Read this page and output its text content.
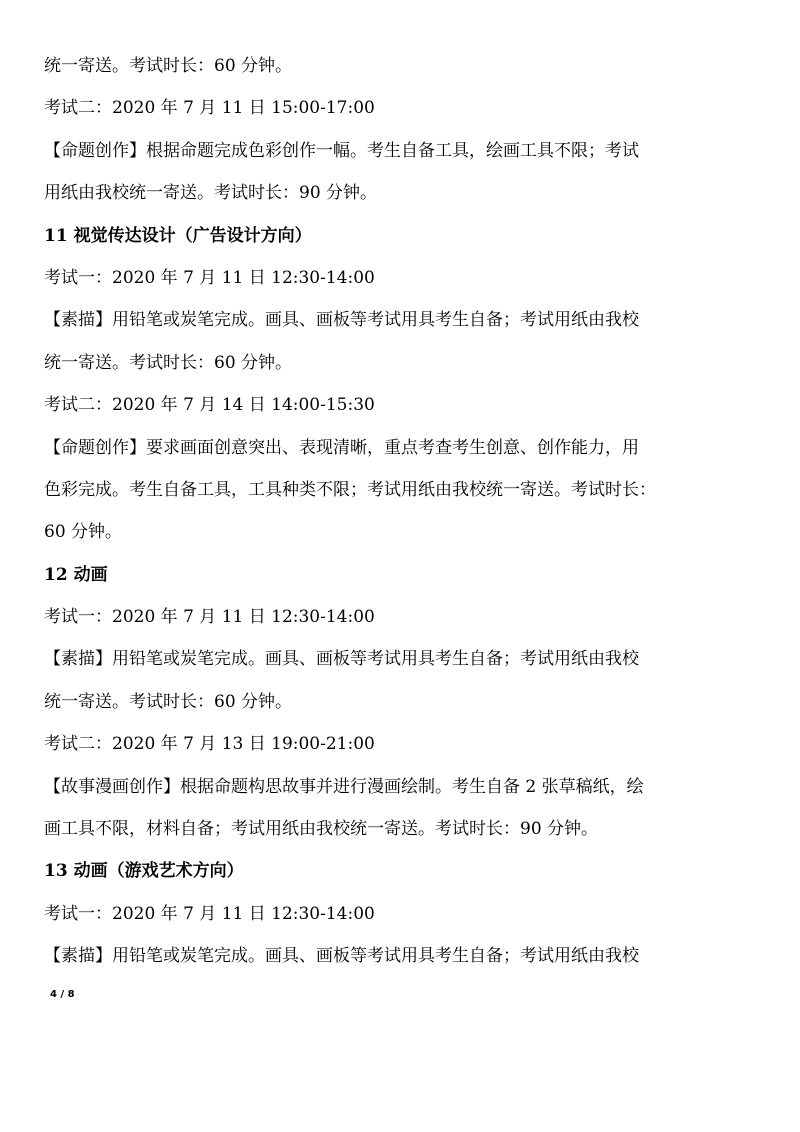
统一寄送。考试时长：60 分钟。
考试二：2020 年 7 月 11 日 15:00-17:00
【命题创作】根据命题完成色彩创作一幅。考生自备工具，绘画工具不限；考试
用纸由我校统一寄送。考试时长：90 分钟。
11 视觉传达设计（广告设计方向）
考试一：2020 年 7 月 11 日 12:30-14:00
【素描】用铅笔或炭笔完成。画具、画板等考试用具考生自备；考试用纸由我校
统一寄送。考试时长：60 分钟。
考试二：2020 年 7 月 14 日 14:00-15:30
【命题创作】要求画面创意突出、表现清晰，重点考查考生创意、创作能力，用
色彩完成。考生自备工具，工具种类不限；考试用纸由我校统一寄送。考试时长：
60 分钟。
12 动画
考试一：2020 年 7 月 11 日 12:30-14:00
【素描】用铅笔或炭笔完成。画具、画板等考试用具考生自备；考试用纸由我校
统一寄送。考试时长：60 分钟。
考试二：2020 年 7 月 13 日 19:00-21:00
【故事漫画创作】根据命题构思故事并进行漫画绘制。考生自备 2 张草稿纸，绘
画工具不限，材料自备；考试用纸由我校统一寄送。考试时长：90 分钟。
13 动画（游戏艺术方向）
考试一：2020 年 7 月 11 日 12:30-14:00
【素描】用铅笔或炭笔完成。画具、画板等考试用具考生自备；考试用纸由我校
4 / 8
